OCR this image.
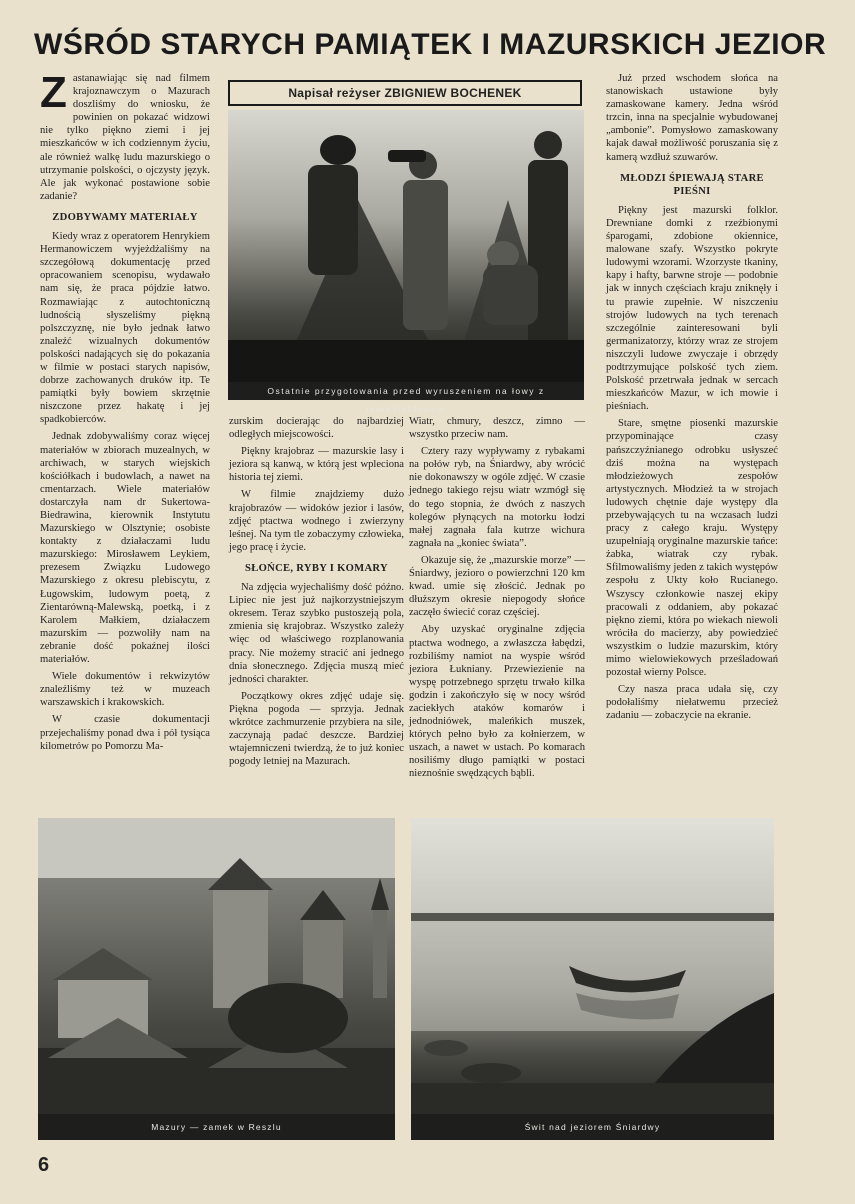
WŚRÓD STARYCH PAMIĄTEK I MAZURSKICH JEZIOR

Zastanawiając się nad filmem krajoznawczym o Mazurach doszliśmy do wniosku, że powinien on pokazać widzowi nie tylko piękno ziemi i jej mieszkańców w ich codziennym życiu, ale również walkę ludu mazurskiego o utrzymanie polskości, o ojczysty język. Ale jak wykonać postawione sobie zadanie?

ZDOBYWAMY MATERIAŁY

Kiedy wraz z operatorem Henrykiem Hermanowiczem wyjeżdżaliśmy na szczegółową dokumentację przed opracowaniem scenopisu, wydawało nam się, że praca pójdzie łatwo. Rozmawiając z autochtoniczną ludnością słyszeliśmy piękną polszczyznę, nie było jednak łatwo znaleźć wizualnych dokumentów polskości nadających się do pokazania w filmie w postaci starych napisów, dobrze zachowanych druków itp. Te pamiątki były bowiem skrzętnie niszczone przez hakatę i jej spadkobierców.

Jednak zdobywaliśmy coraz więcej materiałów w zbiorach muzealnych, w archiwach, w starych wiejskich kościółkach i budowlach, a nawet na cmentarzach. Wiele materiałów dostarczyła nam dr Sukertowa-Biedrawina, kierownik Instytutu Mazurskiego w Olsztynie; osobiste kontakty z działaczami ludu mazurskiego: Mirosławem Leykiem, prezesem Związku Ludowego Mazurskiego z okresu plebiscytu, z Ługowskim, ludowym poetą, z Zientarówną-Malewską, poetką, i z Karolem Małkiem, działaczem mazurskim — pozwoliły nam na zebranie dość pokaźnej ilości materiałów.

Wiele dokumentów i rekwizytów znaleźliśmy też w muzeach warszawskich i krakowskich.

W czasie dokumentacji przejechaliśmy ponad dwa i pół tysiąca kilometrów po Pomorzu Ma-

Napisał reżyser ZBIGNIEW BOCHENEK
Ostatnie przygotowania przed wyruszeniem na łowy z teleobiektywem

zurskim docierając do najbardziej odległych miejscowości.

Piękny krajobraz — mazurskie lasy i jeziora są kanwą, w którą jest wpleciona historia tej ziemi.

W filmie znajdziemy dużo krajobrazów — widoków jezior i lasów, zdjęć ptactwa wodnego i zwierzyny leśnej. Na tym tle zobaczymy człowieka, jego pracę i życie.

SŁOŃCE, RYBY I KOMARY

Na zdjęcia wyjechaliśmy dość późno. Lipiec nie jest już najkorzystniejszym okresem. Teraz szybko pustoszeją pola, zmienia się krajobraz. Wszystko zależy więc od właściwego rozplanowania pracy. Nie możemy stracić ani jednego dnia słonecznego. Zdjęcia muszą mieć jedności charakter.

Początkowy okres zdjęć udaje się. Piękna pogoda — sprzyja. Jednak wkrótce zachmurzenie przybiera na sile, zaczynają padać deszcze. Bardziej wtajemniczeni twierdzą, że to już koniec pogody letniej na Mazurach.

Wiatr, chmury, deszcz, zimno — wszystko przeciw nam.

Cztery razy wypływamy z rybakami na połów ryb, na Śniardwy, aby wrócić nie dokonawszy w ogóle zdjęć. W czasie jednego takiego rejsu wiatr wzmógł się do tego stopnia, że dwóch z naszych kolegów płynących na motorku łodzi małej zagnała fala kutrze wichura zagnała na „koniec świata”.

Okazuje się, że „mazurskie morze” — Śniardwy, jezioro o powierzchni 120 km kwad. umie się złościć. Jednak po dłuższym okresie niepogody słońce zaczęło świecić coraz częściej.

Aby uzyskać oryginalne zdjęcia ptactwa wodnego, a zwłaszcza łabędzi, rozbiliśmy namiot na wyspie wśród jeziora Łukniany. Przewiezienie na wyspę potrzebnego sprzętu trwało kilka godzin i zakończyło się w nocy wśród zaciekłych ataków komarów i jednodniówek, maleńkich muszek, których pełno było za kołnierzem, w uszach, a nawet w ustach. Po komarach nosiliśmy długo pamiątki w postaci nieznośnie swędzących bąbli.

Już przed wschodem słońca na stanowiskach ustawione były zamaskowane kamery. Jedna wśród trzcin, inna na specjalnie wybudowanej „ambonie”. Pomysłowo zamaskowany kajak dawał możliwość poruszania się z kamerą wzdłuż szuwarów.

MŁODZI ŚPIEWAJĄ STARE PIEŚNI

Piękny jest mazurski folklor. Drewniane domki z rzeźbionymi śparogami, zdobione okiennice, malowane szafy. Wszystko pokryte ludowymi wzorami. Wzorzyste tkaniny, kapy i hafty, barwne stroje — podobnie jak w innych częściach kraju zniknęły i tu prawie zupełnie. W niszczeniu strojów ludowych na tych terenach szczególnie zainteresowani byli germanizatorzy, którzy wraz ze strojem niszczyli ludowe zwyczaje i obrzędy podtrzymujące polskość tych ziem. Polskość przetrwała jednak w sercach mieszkańców Mazur, w ich mowie i pieśniach.

Stare, smętne piosenki mazurskie przypominające czasy pańszczyźnianego odrobku usłyszeć dziś można na występach młodzieżowych zespołów artystycznych. Młodzież ta w strojach ludowych chętnie daje występy dla przebywających tu na wczasach ludzi pracy z całego kraju. Występy uzupełniają oryginalne mazurskie tańce: żabka, wiatrak czy rybak. Sfilmowaliśmy jeden z takich występów zespołu z Ukty koło Rucianego. Wszyscy członkowie naszej ekipy pracowali z oddaniem, aby pokazać piękno ziemi, która po wiekach niewoli wróciła do macierzy, aby powiedzieć wszystkim o ludzie mazurskim, który mimo wielowiekowych prześladowań pozostał wierny Polsce.

Czy nasza praca udała się, czy podołaliśmy niełatwemu przecież zadaniu — zobaczycie na ekranie.

Mazury — zamek w Reszlu	Świt nad jeziorem Śniardwy
6
